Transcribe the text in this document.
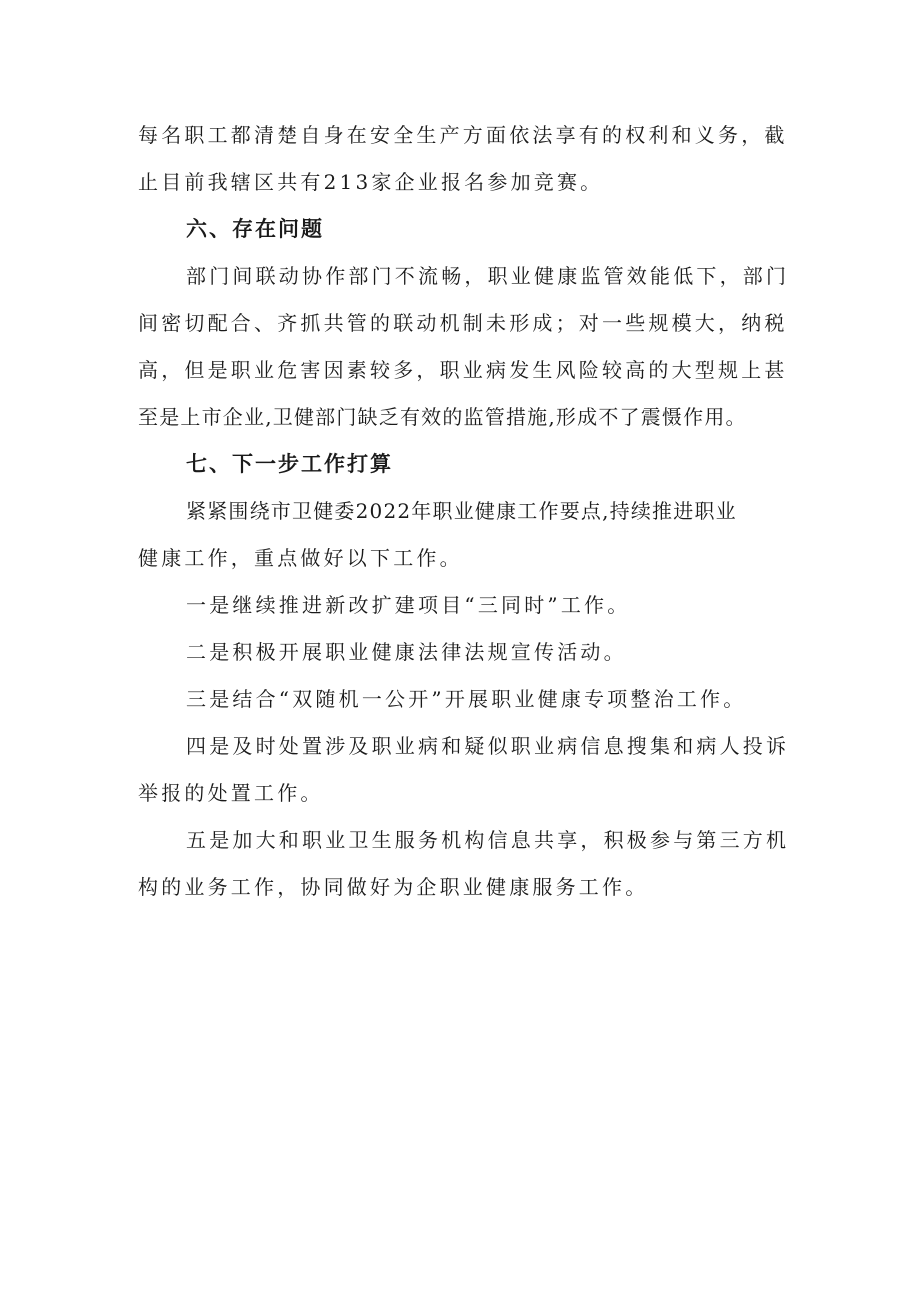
每名职工都清楚自身在安全生产方面依法享有的权利和义务，截
止目前我辖区共有213家企业报名参加竞赛。
六、存在问题
部门间联动协作部门不流畅，职业健康监管效能低下，部门
间密切配合、齐抓共管的联动机制未形成；对一些规模大，纳税
高，但是职业危害因素较多，职业病发生风险较高的大型规上甚
至是上市企业,卫健部门缺乏有效的监管措施,形成不了震慑作用。
七、下一步工作打算
紧紧围绕市卫健委2022年职业健康工作要点,持续推进职业
健康工作，重点做好以下工作。
一是继续推进新改扩建项目“三同时”工作。
二是积极开展职业健康法律法规宣传活动。
三是结合“双随机一公开”开展职业健康专项整治工作。
四是及时处置涉及职业病和疑似职业病信息搜集和病人投诉
举报的处置工作。
五是加大和职业卫生服务机构信息共享，积极参与第三方机
构的业务工作，协同做好为企职业健康服务工作。
